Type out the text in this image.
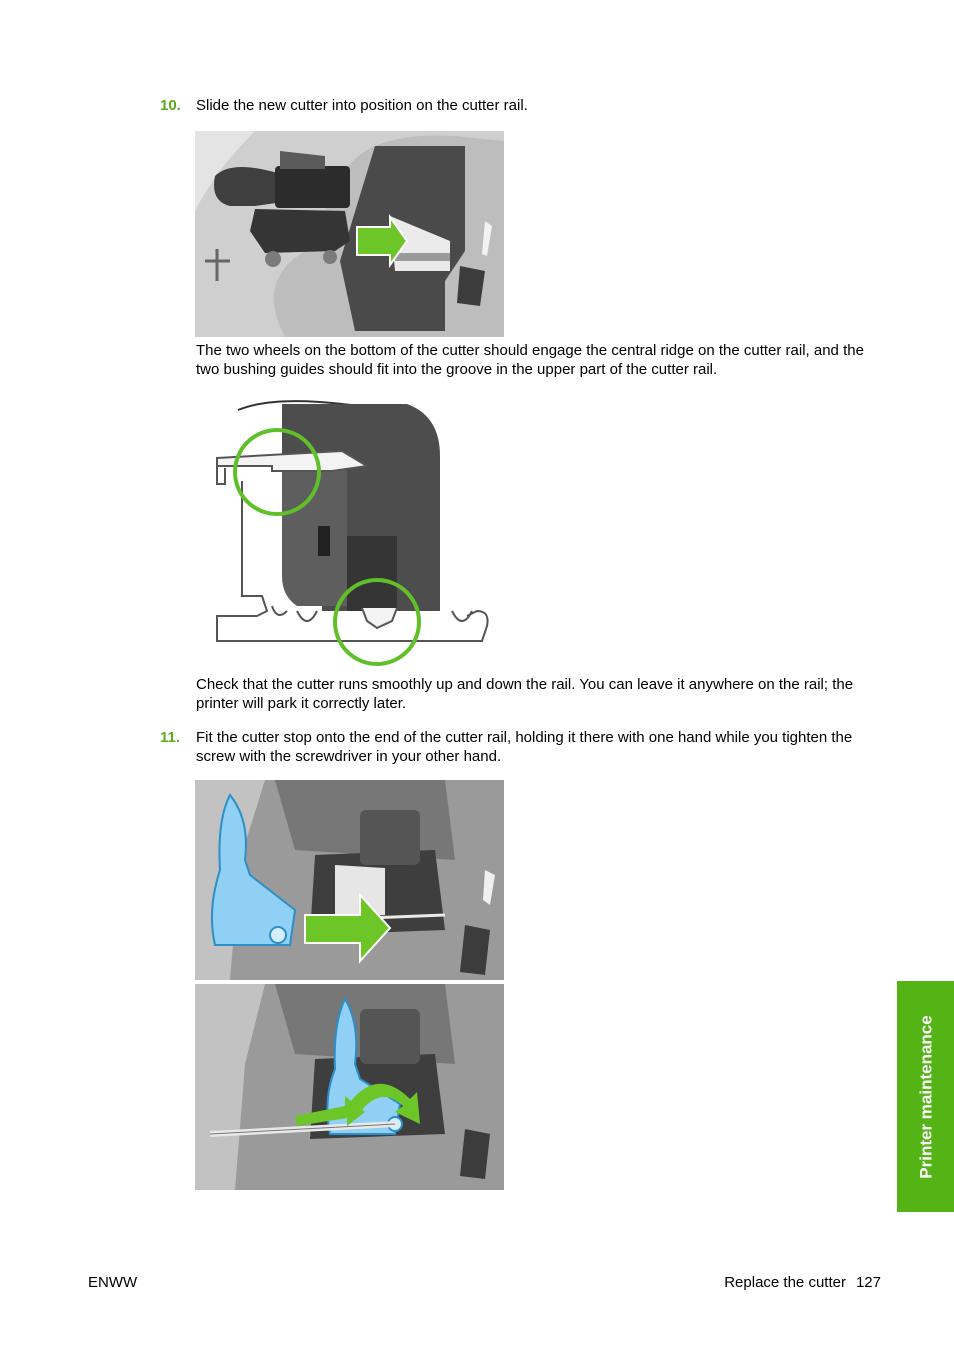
10. Slide the new cutter into position on the cutter rail.
The two wheels on the bottom of the cutter should engage the central ridge on the cutter rail, and the two bushing guides should fit into the groove in the upper part of the cutter rail.
Check that the cutter runs smoothly up and down the rail. You can leave it anywhere on the rail; the printer will park it correctly later.
11. Fit the cutter stop onto the end of the cutter rail, holding it there with one hand while you tighten the screw with the screwdriver in your other hand.
Printer maintenance
ENWW	Replace the cutter 127
